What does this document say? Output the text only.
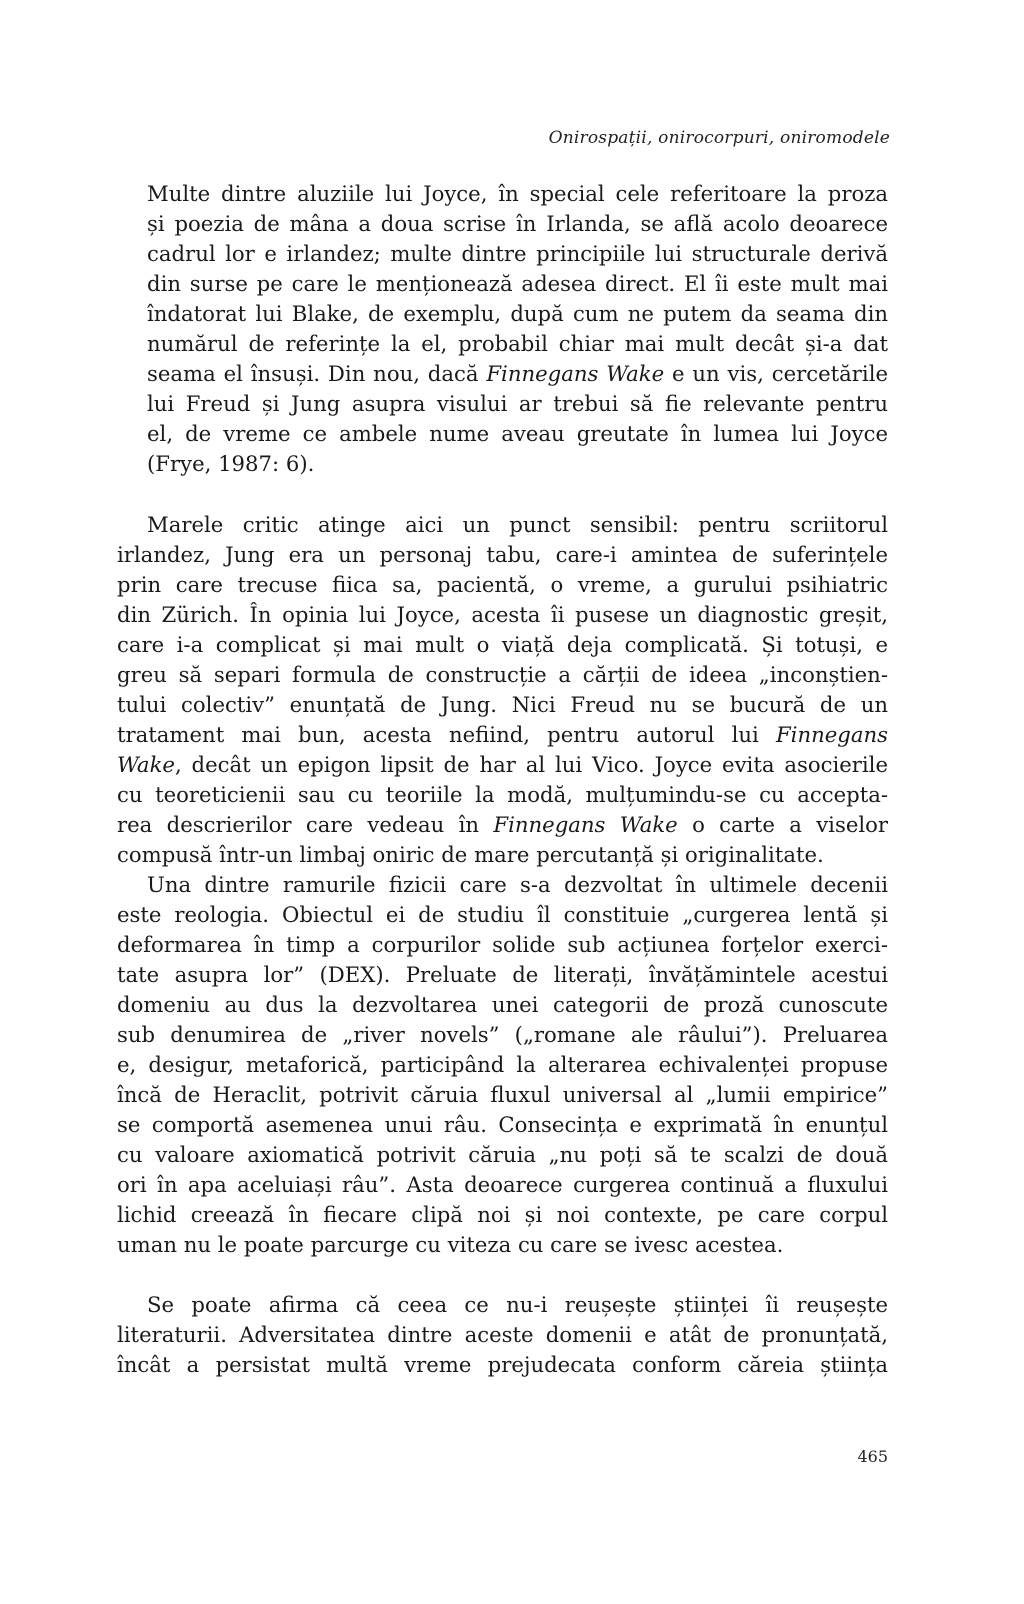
Onirospații, onirocorpuri, oniromodele
Multe dintre aluziile lui Joyce, în special cele referitoare la proza
și poezia de mâna a doua scrise în Irlanda, se află acolo deoarece
cadrul lor e irlandez; multe dintre principiile lui structurale derivă
din surse pe care le menționează adesea direct. El îi este mult mai
îndatorat lui Blake, de exemplu, după cum ne putem da seama din
numărul de referințe la el, probabil chiar mai mult decât și-a dat
seama el însuși. Din nou, dacă Finnegans Wake e un vis, cercetările
lui Freud și Jung asupra visului ar trebui să fie relevante pentru
el, de vreme ce ambele nume aveau greutate în lumea lui Joyce
(Frye, 1987: 6).
Marele critic atinge aici un punct sensibil: pentru scriitorul
irlandez, Jung era un personaj tabu, care-i amintea de suferințele
prin care trecuse fiica sa, pacientă, o vreme, a gurului psihiatric
din Zürich. În opinia lui Joyce, acesta îi pusese un diagnostic greșit,
care i-a complicat și mai mult o viață deja complicată. Și totuși, e
greu să separi formula de construcție a cărții de ideea „inconștien-
tului colectiv” enunțată de Jung. Nici Freud nu se bucură de un
tratament mai bun, acesta nefiind, pentru autorul lui Finnegans
Wake, decât un epigon lipsit de har al lui Vico. Joyce evita asocierile
cu teoreticienii sau cu teoriile la modă, mulțumindu-se cu accepta-
rea descrierilor care vedeau în Finnegans Wake o carte a viselor
compusă într-un limbaj oniric de mare percutanță și originalitate.
Una dintre ramurile fizicii care s-a dezvoltat în ultimele decenii
este reologia. Obiectul ei de studiu îl constituie „curgerea lentă și
deformarea în timp a corpurilor solide sub acțiunea forțelor exerci-
tate asupra lor” (DEX). Preluate de literați, învățămintele acestui
domeniu au dus la dezvoltarea unei categorii de proză cunoscute
sub denumirea de „river novels” („romane ale râului”). Preluarea
e, desigur, metaforică, participând la alterarea echivalenței propuse
încă de Heraclit, potrivit căruia fluxul universal al „lumii empirice”
se comportă asemenea unui râu. Consecința e exprimată în enunțul
cu valoare axiomatică potrivit căruia „nu poți să te scalzi de două
ori în apa aceluiași râu”. Asta deoarece curgerea continuă a fluxului
lichid creează în fiecare clipă noi și noi contexte, pe care corpul
uman nu le poate parcurge cu viteza cu care se ivesc acestea.
Se poate afirma că ceea ce nu-i reușește științei îi reușește
literaturii. Adversitatea dintre aceste domenii e atât de pronunțată,
încât a persistat multă vreme prejudecata conform căreia știința
465
